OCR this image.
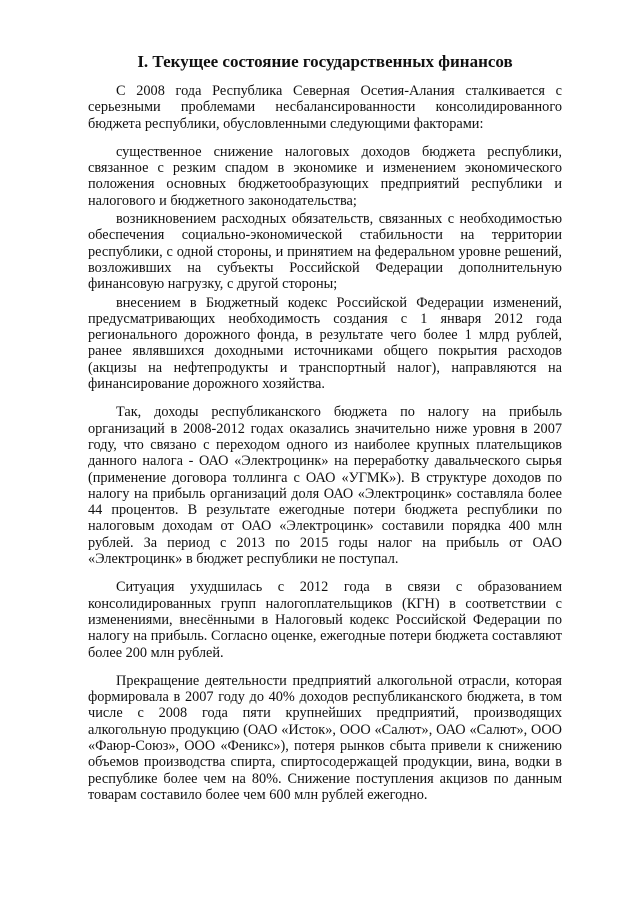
I. Текущее состояние государственных финансов

С 2008 года Республика Северная Осетия-Алания сталкивается с серьезными проблемами несбалансированности консолидированного бюджета республики, обусловленными следующими факторами:

существенное снижение налоговых доходов бюджета республики, связанное с резким спадом в экономике и изменением экономического положения основных бюджетообразующих предприятий республики и налогового и бюджетного законодательства;

возникновением расходных обязательств, связанных с необходимостью обеспечения социально-экономической стабильности на территории республики, с одной стороны, и принятием на федеральном уровне решений, возложивших на субъекты Российской Федерации дополнительную финансовую нагрузку, с другой стороны;

внесением в Бюджетный кодекс Российской Федерации изменений, предусматривающих необходимость создания с 1 января 2012 года регионального дорожного фонда, в результате чего более 1 млрд рублей, ранее являвшихся доходными источниками общего покрытия расходов (акцизы на нефтепродукты и транспортный налог), направляются на финансирование дорожного хозяйства.

Так, доходы республиканского бюджета по налогу на прибыль организаций в 2008-2012 годах оказались значительно ниже уровня в 2007 году, что связано с переходом одного из наиболее крупных плательщиков данного налога - ОАО «Электроцинк» на переработку давальческого сырья (применение договора толлинга с ОАО «УГМК»). В структуре доходов по налогу на прибыль организаций доля ОАО «Электроцинк» составляла более 44 процентов. В результате ежегодные потери бюджета республики по налоговым доходам от ОАО «Электроцинк» составили порядка 400 млн рублей. За период с 2013 по 2015 годы налог на прибыль от ОАО «Электроцинк» в бюджет республики не поступал.

Ситуация ухудшилась с 2012 года в связи с образованием консолидированных групп налогоплательщиков (КГН) в соответствии с изменениями, внесёнными в Налоговый кодекс Российской Федерации по налогу на прибыль. Согласно оценке, ежегодные потери бюджета составляют более 200 млн рублей.

Прекращение деятельности предприятий алкогольной отрасли, которая формировала в 2007 году до 40% доходов республиканского бюджета, в том числе с 2008 года пяти крупнейших предприятий, производящих алкогольную продукцию (ОАО «Исток», ООО «Салют», ОАО «Салют», ООО «Фаюр-Союз», ООО «Феникс»), потеря рынков сбыта привели к снижению объемов производства спирта, спиртосодержащей продукции, вина, водки в республике более чем на 80%. Снижение поступления акцизов по данным товарам составило более чем 600 млн рублей ежегодно.
